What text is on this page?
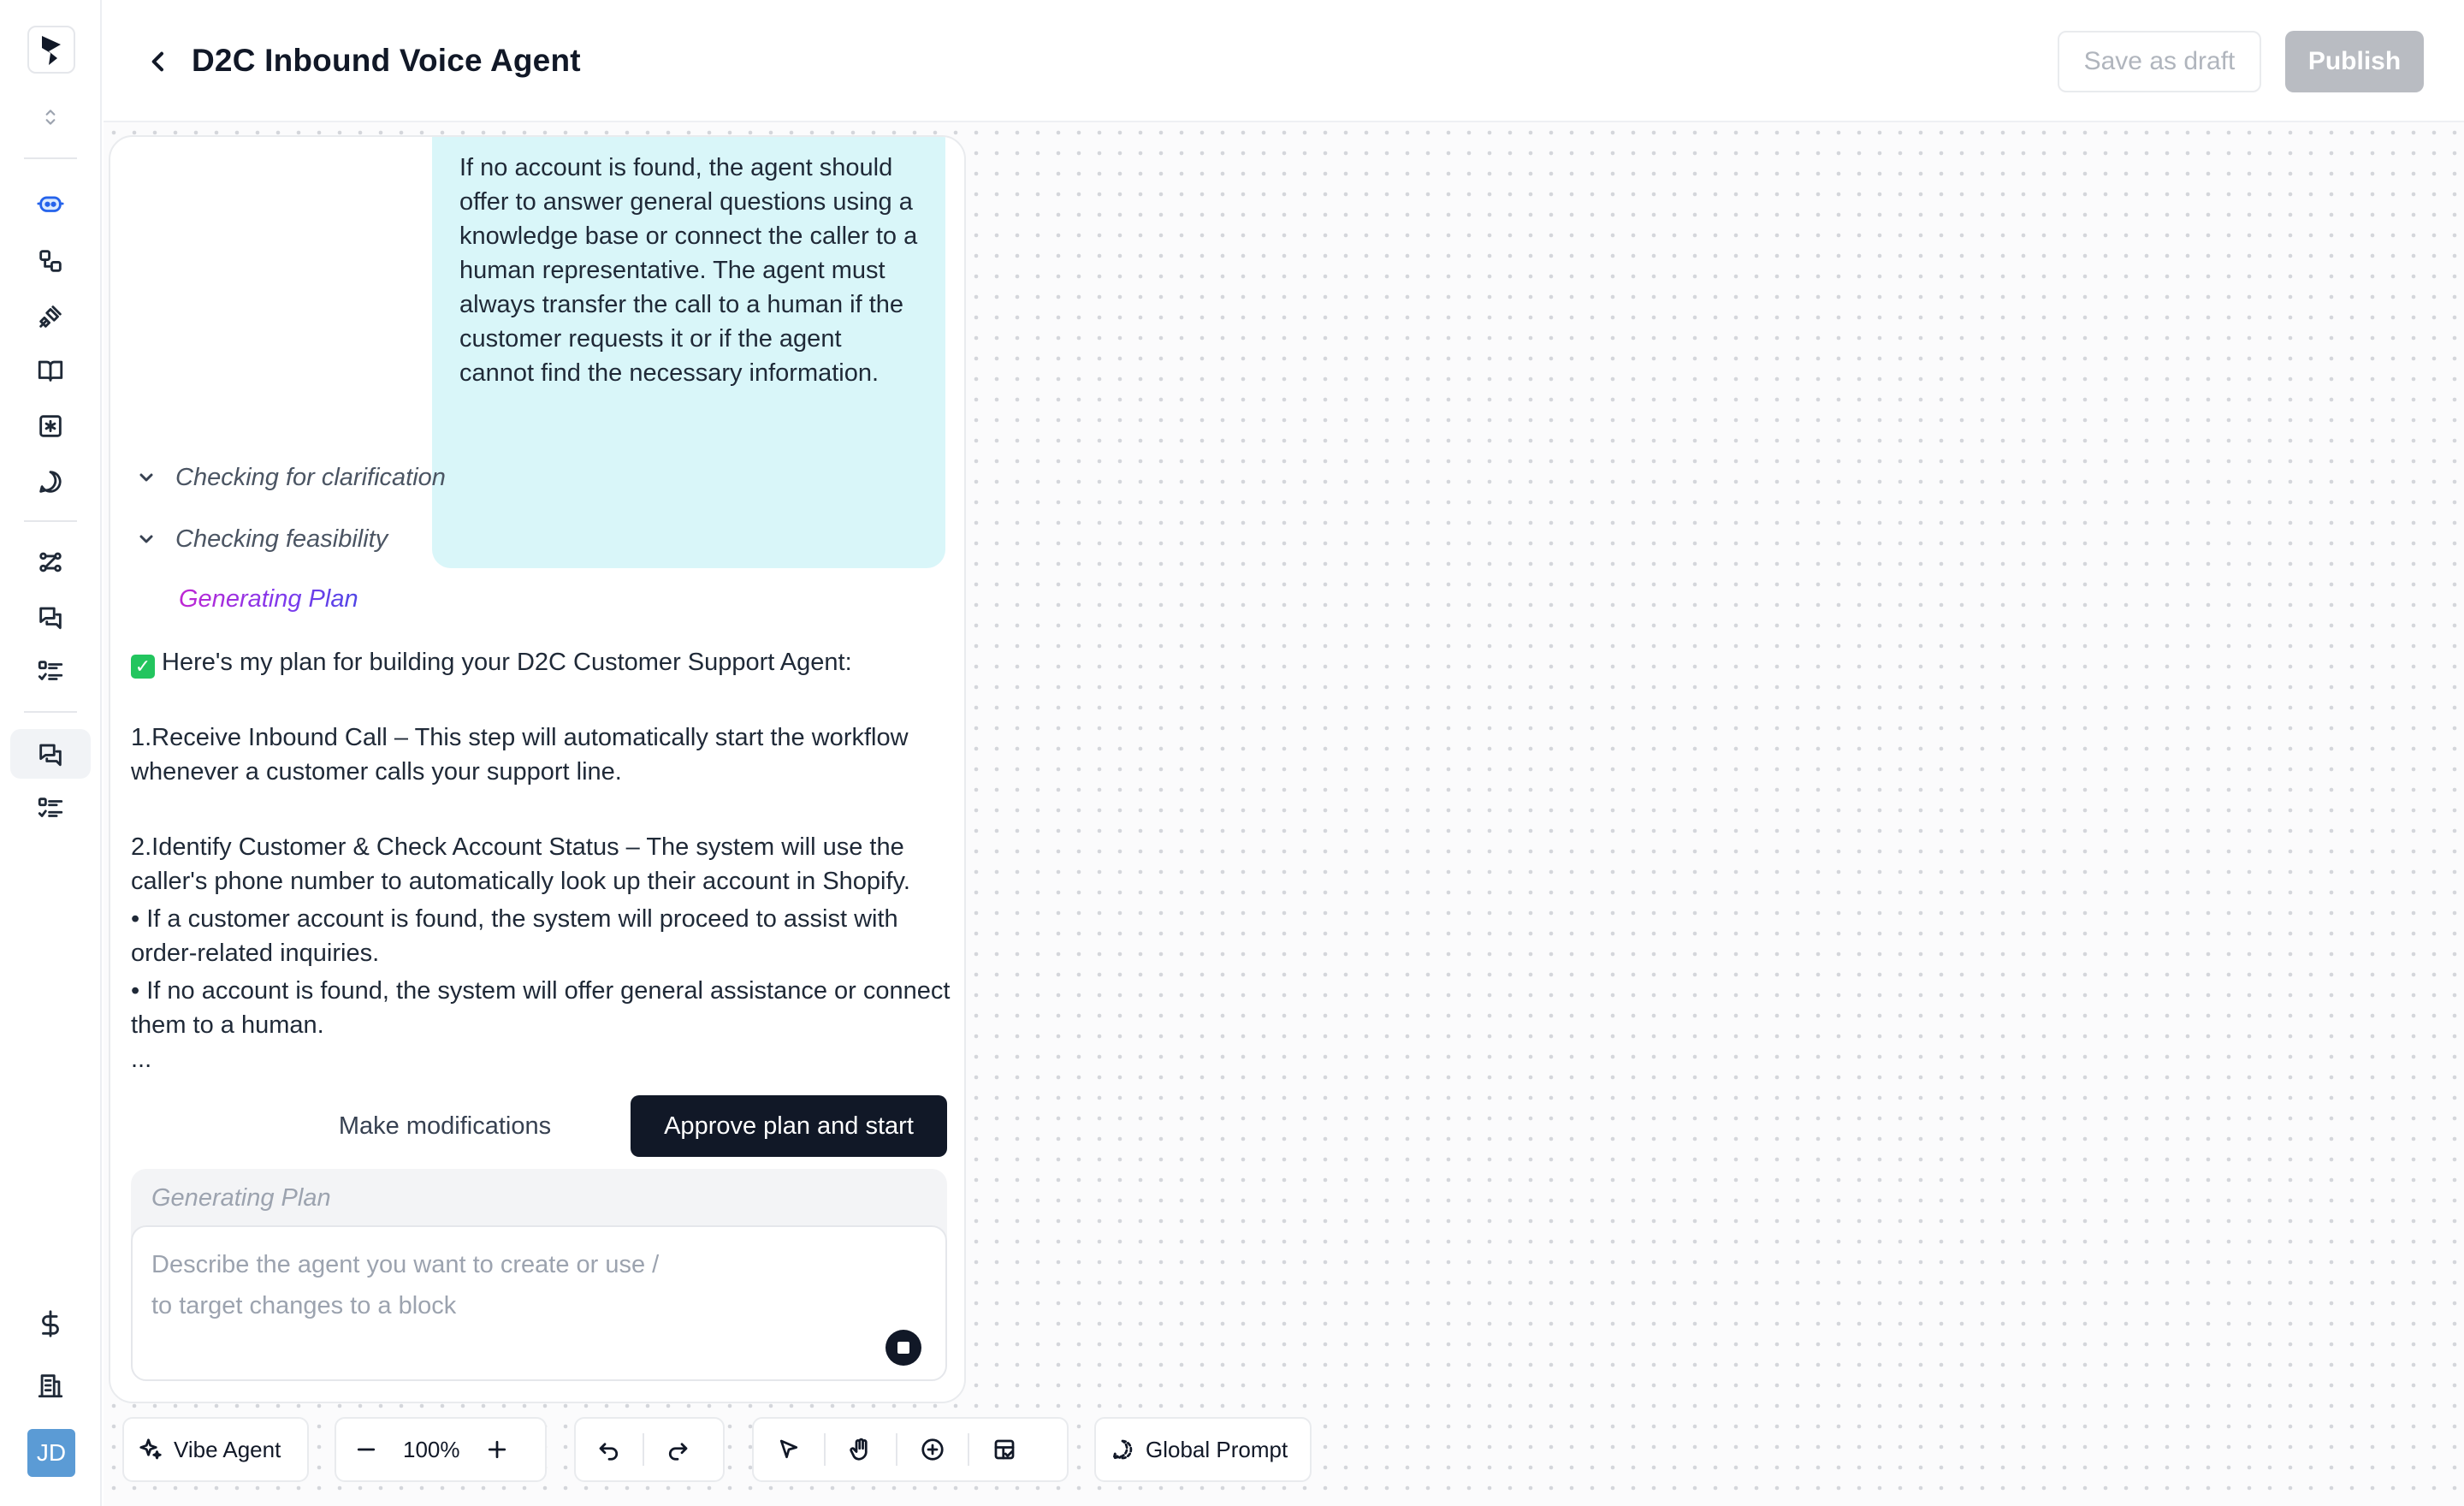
D2C Inbound Voice Agent	Save as draft	Publish
JD
If no account is found, the agent should offer to answer general questions using a knowledge base or connect the caller to a human representative. The agent must always transfer the call to a human if the customer requests it or if the agent cannot find the necessary information.
Checking for clarification
Checking feasibility
Generating Plan
✓ Here's my plan for building your D2C Customer Support Agent:
1.Receive Inbound Call – This step will automatically start the workflow whenever a customer calls your support line.
2.Identify Customer & Check Account Status – The system will use the caller's phone number to automatically look up their account in Shopify.
• If a customer account is found, the system will proceed to assist with order-related inquiries.
• If no account is found, the system will offer general assistance or connect them to a human.
...
Make modifications	Approve plan and start
Generating Plan
Describe the agent you want to create or use / to target changes to a block
Vibe Agent	100%	Global Prompt
